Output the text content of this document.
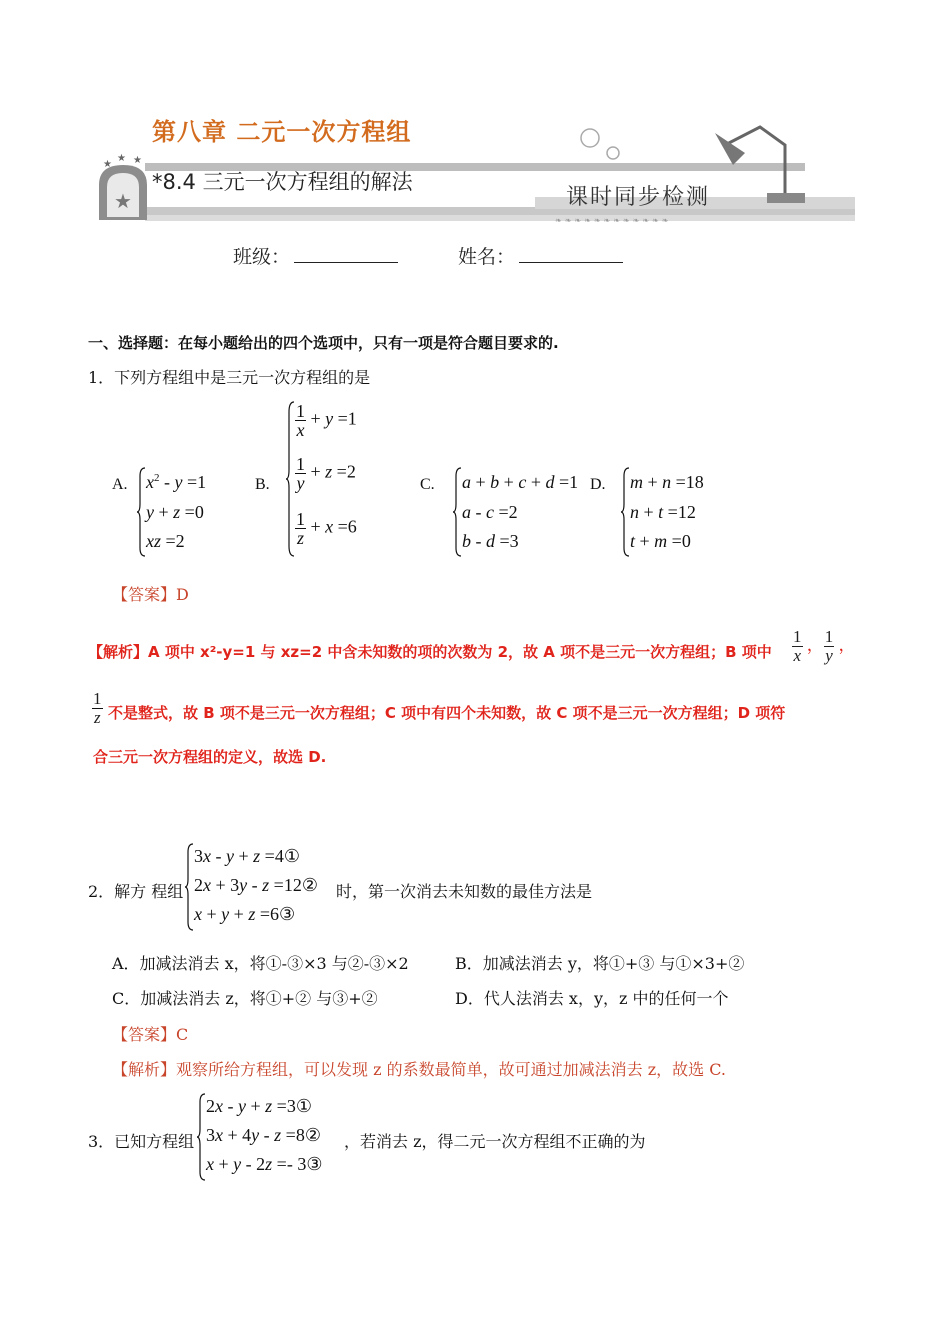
★
★
★ ★
❧❧❧❧❧❧❧❧❧❧❧❧
第八章 二元一次方程组
*8.4 三元一次方程组的解法
课时同步检测
班级：	姓名：
一、选择题：在每小题给出的四个选项中，只有一项是符合题目要求的.
1．下列方程组中是三元一次方程组的是
A. $x^2 - y =1$
y + z =0
xz =2
B.
$\frac{1}{x} + y =1$
$\frac{1}{y} + z =2$
$\frac{1}{z} + x =6$
C. a + b + c + d =1
a - c =2
b - d =3
D. m + n =18
n + t =12
t + m =0
【答案】D
【解析】A 项中 x²-y=1 与 xz=2 中含未知数的项的次数为 2，故 A 项不是三元一次方程组；B 项中 $\frac{1}{x}$ ， $\frac{1}{y}$ ，
$\frac{1}{z}$ 不是整式，故 B 项不是三元一次方程组；C 项中有四个未知数，故 C 项不是三元一次方程组；D 项符
合三元一次方程组的定义，故选 D.
2．解方 程组
3x - y + z =4①
2x + 3y - z =12②
x + y + z =6③
时，第一次消去未知数的最佳方法是
A．加减法消去 x，将①-③×3 与②-③×2	B．加减法消去 y，将①+③ 与①×3+②
C．加减法消去 z，将①+② 与③+②	D．代人法消去 x，y，z 中的任何一个
【答案】C
【解析】观察所给方程组，可以发现 z 的系数最简单，故可通过加减法消去 z，故选 C.
3．已知方程组
2x - y + z =3①
3x + 4y - z =8②
x + y - 2z =- 3③
，若消去 z，得二元一次方程组不正确的为
